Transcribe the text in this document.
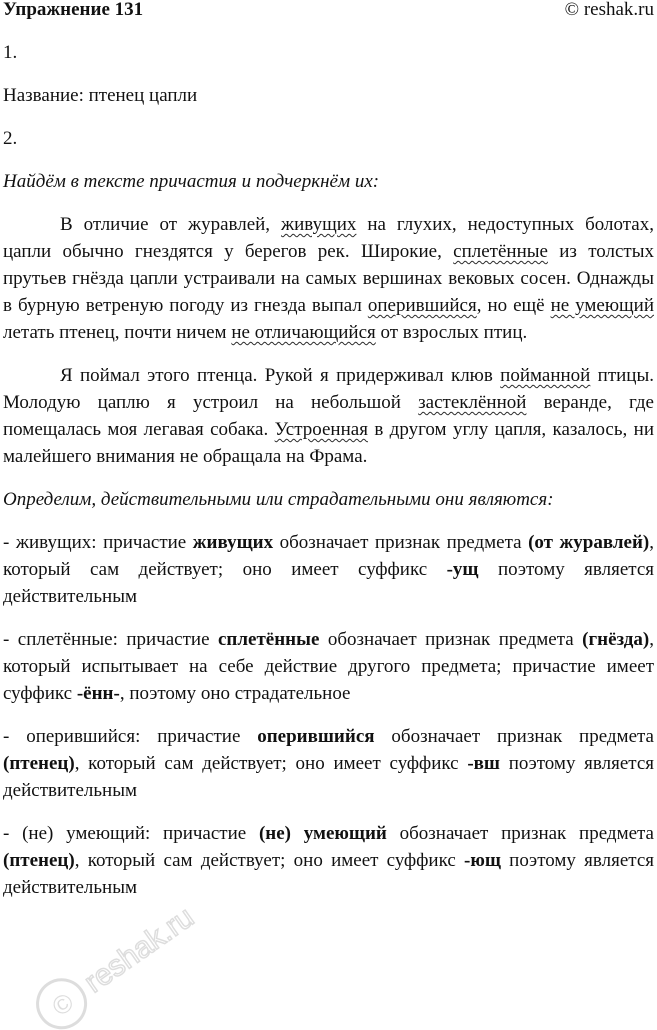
Упражнение 131	© reshak.ru

1.

Название: птенец цапли

2.

Найдём в тексте причастия и подчеркнём их:

В отличие от журавлей, живущих на глухих, недоступных болотах, цапли обычно гнездятся у берегов рек. Широкие, сплетённые из толстых прутьев гнёзда цапли устраивали на самых вершинах вековых сосен. Однажды в бурную ветреную погоду из гнезда выпал оперившийся, но ещё не умеющий летать птенец, почти ничем не отличающийся от взрослых птиц.

Я поймал этого птенца. Рукой я придерживал клюв пойманной птицы. Молодую цаплю я устроил на небольшой застеклённой веранде, где помещалась моя легавая собака. Устроенная в другом углу цапля, казалось, ни малейшего внимания не обращала на Фрама.

Определим, действительными или страдательными они являются:

- живущих: причастие живущих обозначает признак предмета (от журавлей), который сам действует; оно имеет суффикс -ущ поэтому является действительным

- сплетённые: причастие сплетённые обозначает признак предмета (гнёзда), который испытывает на себе действие другого предмета; причастие имеет суффикс -ённ-, поэтому оно страдательное

- оперившийся: причастие оперившийся обозначает признак предмета (птенец), который сам действует; оно имеет суффикс -вш поэтому является действительным

- (не) умеющий: причастие (не) умеющий обозначает признак предмета (птенец), который сам действует; оно имеет суффикс -ющ поэтому является действительным

©
reshak.ru
